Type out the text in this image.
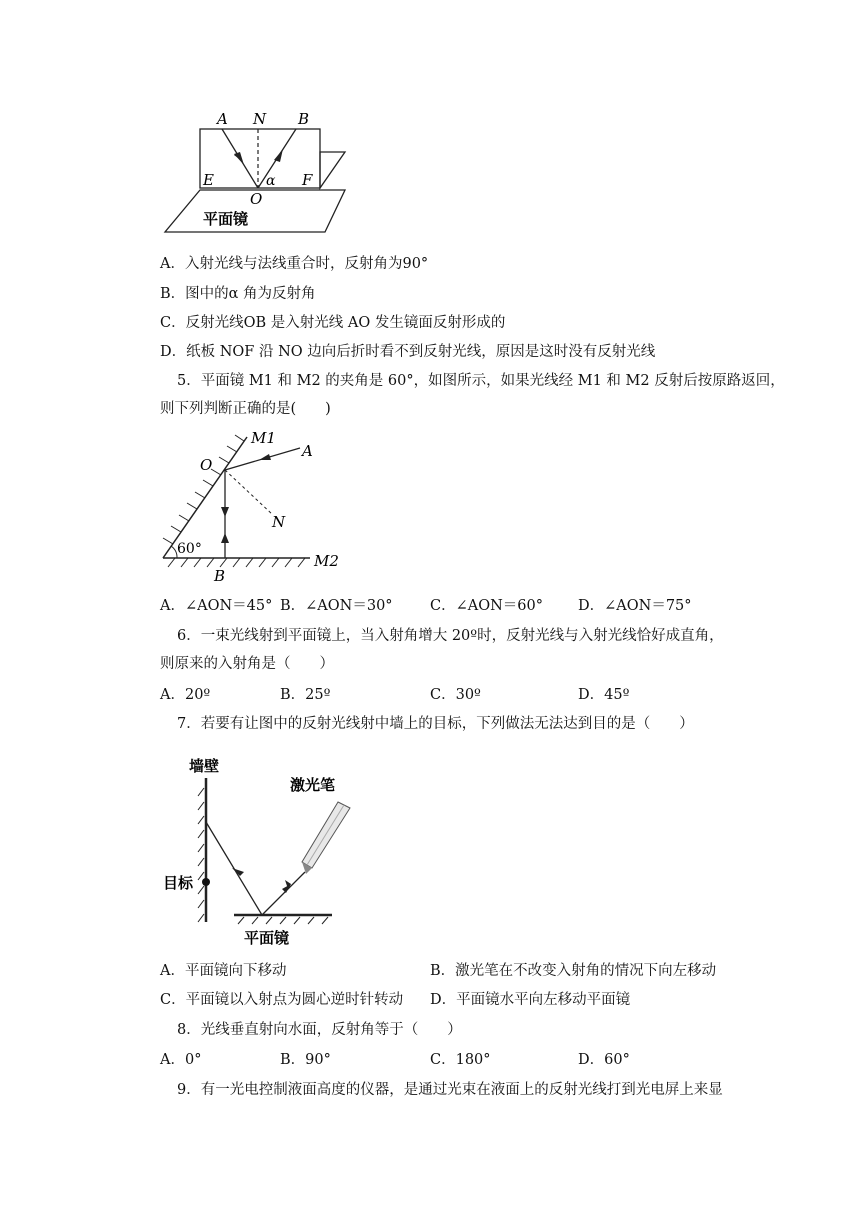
A N B
E	F
O
α
平面镜
A．入射光线与法线重合时，反射角为90°
B．图中的α 角为反射角
C．反射光线OB 是入射光线 AO 发生镜面反射形成的
D．纸板 NOF 沿 NO 边向后折时看不到反射光线，原因是这时没有反射光线
5．平面镜 M1 和 M2 的夹角是 60°，如图所示，如果光线经 M1 和 M2 反射后按原路返回，
则下列判断正确的是(　　)
M1
A
O
N
60°
B
M2
A．∠AON＝45° B．∠AON＝30°	C．∠AON＝60° D．∠AON＝75°
6．一束光线射到平面镜上，当入射角增大 20º时，反射光线与入射光线恰好成直角，
则原来的入射角是（　　）
A．20º	B．25º	C．30º	D．45º
7．若要有让图中的反射光线射中墙上的目标，下列做法无法达到目的是（　　）
墙壁
目标
平面镜
激光笔
A．平面镜向下移动	B．激光笔在不改变入射角的情况下向左移动
C．平面镜以入射点为圆心逆时针转动 D．平面镜水平向左移动平面镜
8．光线垂直射向水面，反射角等于（　　）
A．0°	B．90°	C．180°	D．60°
9．有一光电控制液面高度的仪器，是通过光束在液面上的反射光线打到光电屏上来显
